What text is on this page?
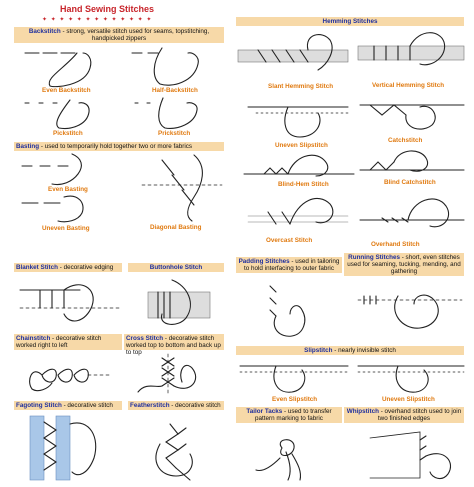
Hand Sewing Stitches
✦ ✦ ✦ ✦ ✦ ✦ ✦ ✦ ✦ ✦ ✦ ✦ ✦
Backstitch - strong, versatile stitch used for seams, topstitching, handpicked zippers
Even Backstitch	Half-Backstitch
Pickstitch	Prickstitch
Basting - used to temporarily hold together two or more fabrics
Even Basting
Uneven Basting	Diagonal Basting
Blanket Stitch - decorative edging	Buttonhole Stitch
Chainstitch - decorative stitch worked right to left
Cross Stitch - decorative stitch worked top to bottom and back up to top
Fagoting Stitch - decorative stitch	Featherstitch - decorative stitch
Hemming Stitches
Slant Hemming Stitch	Vertical Hemming Stitch
Uneven Slipstitch
Catchstitch
Blind-Hem Stitch	Blind Catchstitch
Overcast Stitch
Overhand Stitch
Padding Stitches - used in tailoring to hold interfacing to outer fabric
Running Stitches - short, even stitches used for seaming, tucking, mending, and gathering
Slipstitch - nearly invisible stitch
Even Slipstitch	Uneven Slipstitch
Tailor Tacks - used to transfer pattern marking to fabric
Whipstitch - overhand stitch used to join two finished edges
